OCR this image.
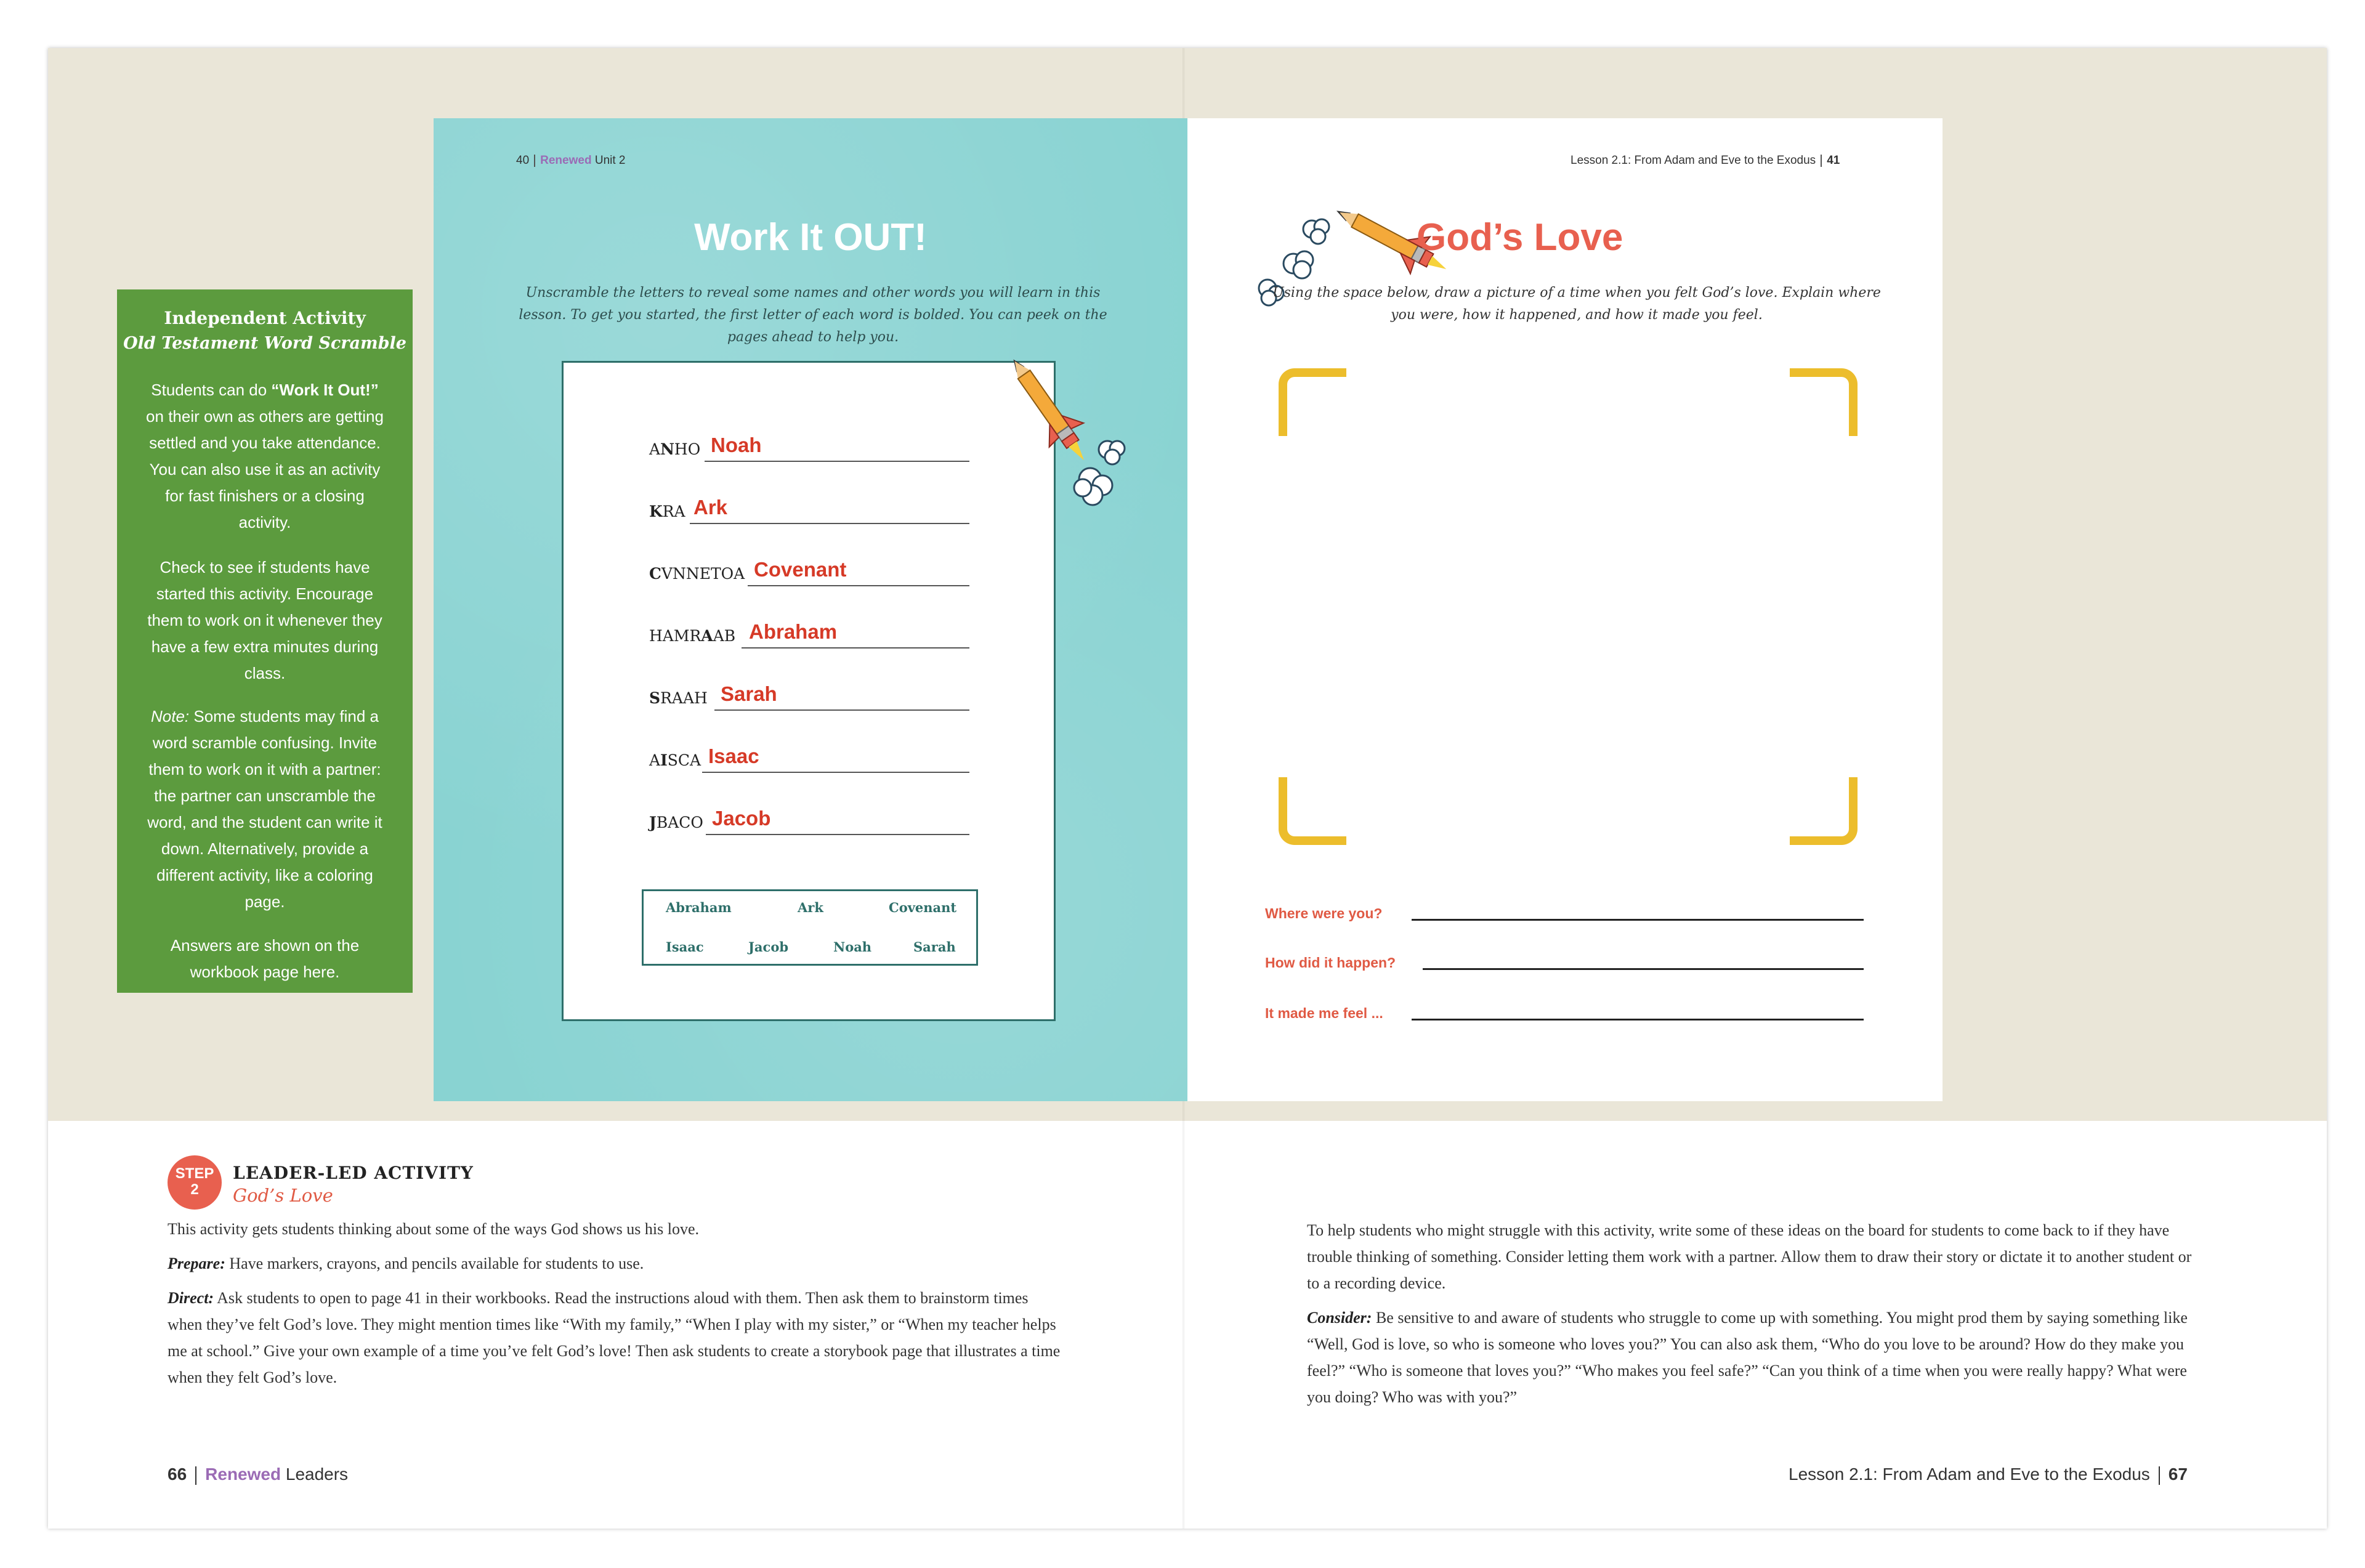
40 Renewed Unit 2
Work It OUT!
Unscramble the letters to reveal some names and other words you will learn in this lesson. To get you started, the first letter of each word is bolded. You can peek on the pages ahead to help you.
ANHO Noah
KRA Ark
CVNNETOA Covenant
HAMRAAB Abraham
SRAAH Sarah
AISCA Isaac
JBACO Jacob
Abraham	Ark	Covenant
Isaac	Jacob	Noah	Sarah
Independent Activity
Old Testament Word Scramble
Students can do “Work It Out!” on their own as others are getting settled and you take attendance. You can also use it as an activity for fast finishers or a closing activity.
Check to see if students have started this activity. Encourage them to work on it whenever they have a few extra minutes during class.
Note: Some students may find a word scramble confusing. Invite them to work on it with a partner: the partner can unscramble the word, and the student can write it down. Alternatively, provide a different activity, like a coloring page.
Answers are shown on the workbook page here.
Lesson 2.1: From Adam and Eve to the Exodus 41
God’s Love
Using the space below, draw a picture of a time when you felt God’s love. Explain where you were, how it happened, and how it made you feel.
Where were you?
How did it happen?
It made me feel ...
STEP
2
LEADER-LED ACTIVITY
God’s Love
This activity gets students thinking about some of the ways God shows us his love.
Prepare: Have markers, crayons, and pencils available for students to use.
Direct: Ask students to open to page 41 in their workbooks. Read the instructions aloud with them. Then ask them to brainstorm times when they’ve felt God’s love. They might mention times like “With my family,” “When I play with my sister,” or “When my teacher helps me at school.” Give your own example of a time you’ve felt God’s love! Then ask students to create a storybook page that illustrates a time when they felt God’s love.
To help students who might struggle with this activity, write some of these ideas on the board for students to come back to if they have trouble thinking of something. Consider letting them work with a partner. Allow them to draw their story or dictate it to another student or to a recording device.
Consider: Be sensitive to and aware of students who struggle to come up with something. You might prod them by saying something like “Well, God is love, so who is someone who loves you?” You can also ask them, “Who do you love to be around? How do they make you feel?” “Who is someone that loves you?” “Who makes you feel safe?” “Can you think of a time when you were really happy? What were you doing? Who was with you?”
66 Renewed Leaders	Lesson 2.1: From Adam and Eve to the Exodus 67
